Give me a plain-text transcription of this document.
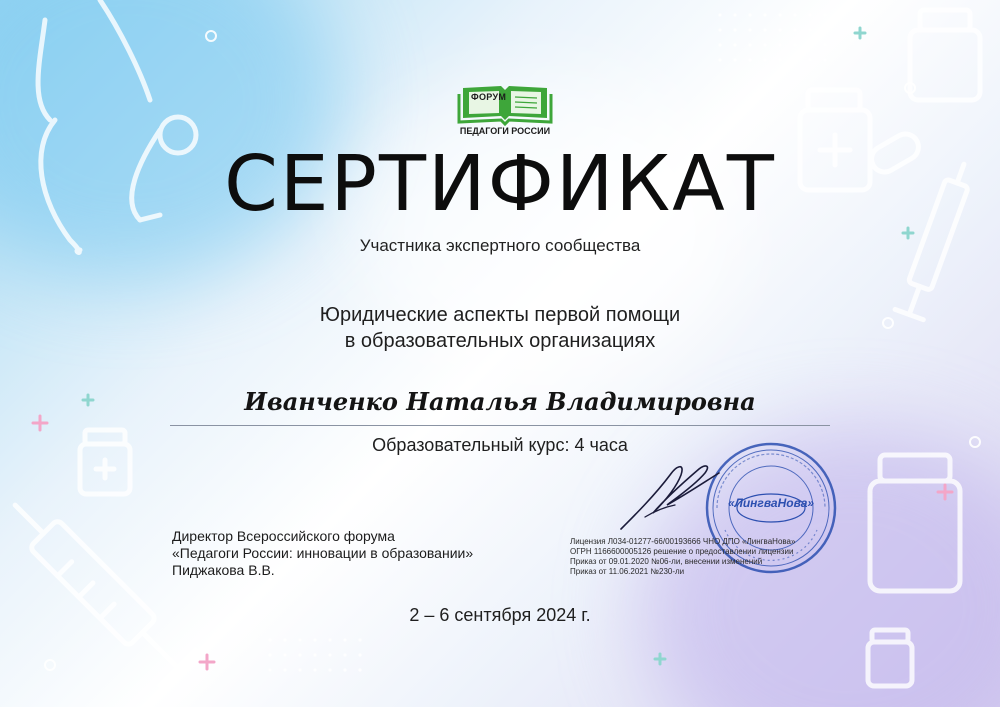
ФОРУМ
ПЕДАГОГИ РОССИИ
СЕРТИФИКАТ
Участника экспертного сообщества
Юридические аспекты первой помощи
в образовательных организациях
Иванченко Наталья Владимировна
Образовательный курс: 4 часа
Директор Всероссийского форума
«Педагоги России: инновации в образовании»
Пиджакова В.В.
«ЛингваНова»
Лицензия Л034-01277-66/00193666 ЧНО ДПО «ЛингваНова»
ОГРН 1166600005126 решение о предоставлении лицензии
Приказ от 09.01.2020 №06-ли, внесении изменений
Приказ от 11.06.2021 №230-ли
2 – 6 сентября 2024 г.
